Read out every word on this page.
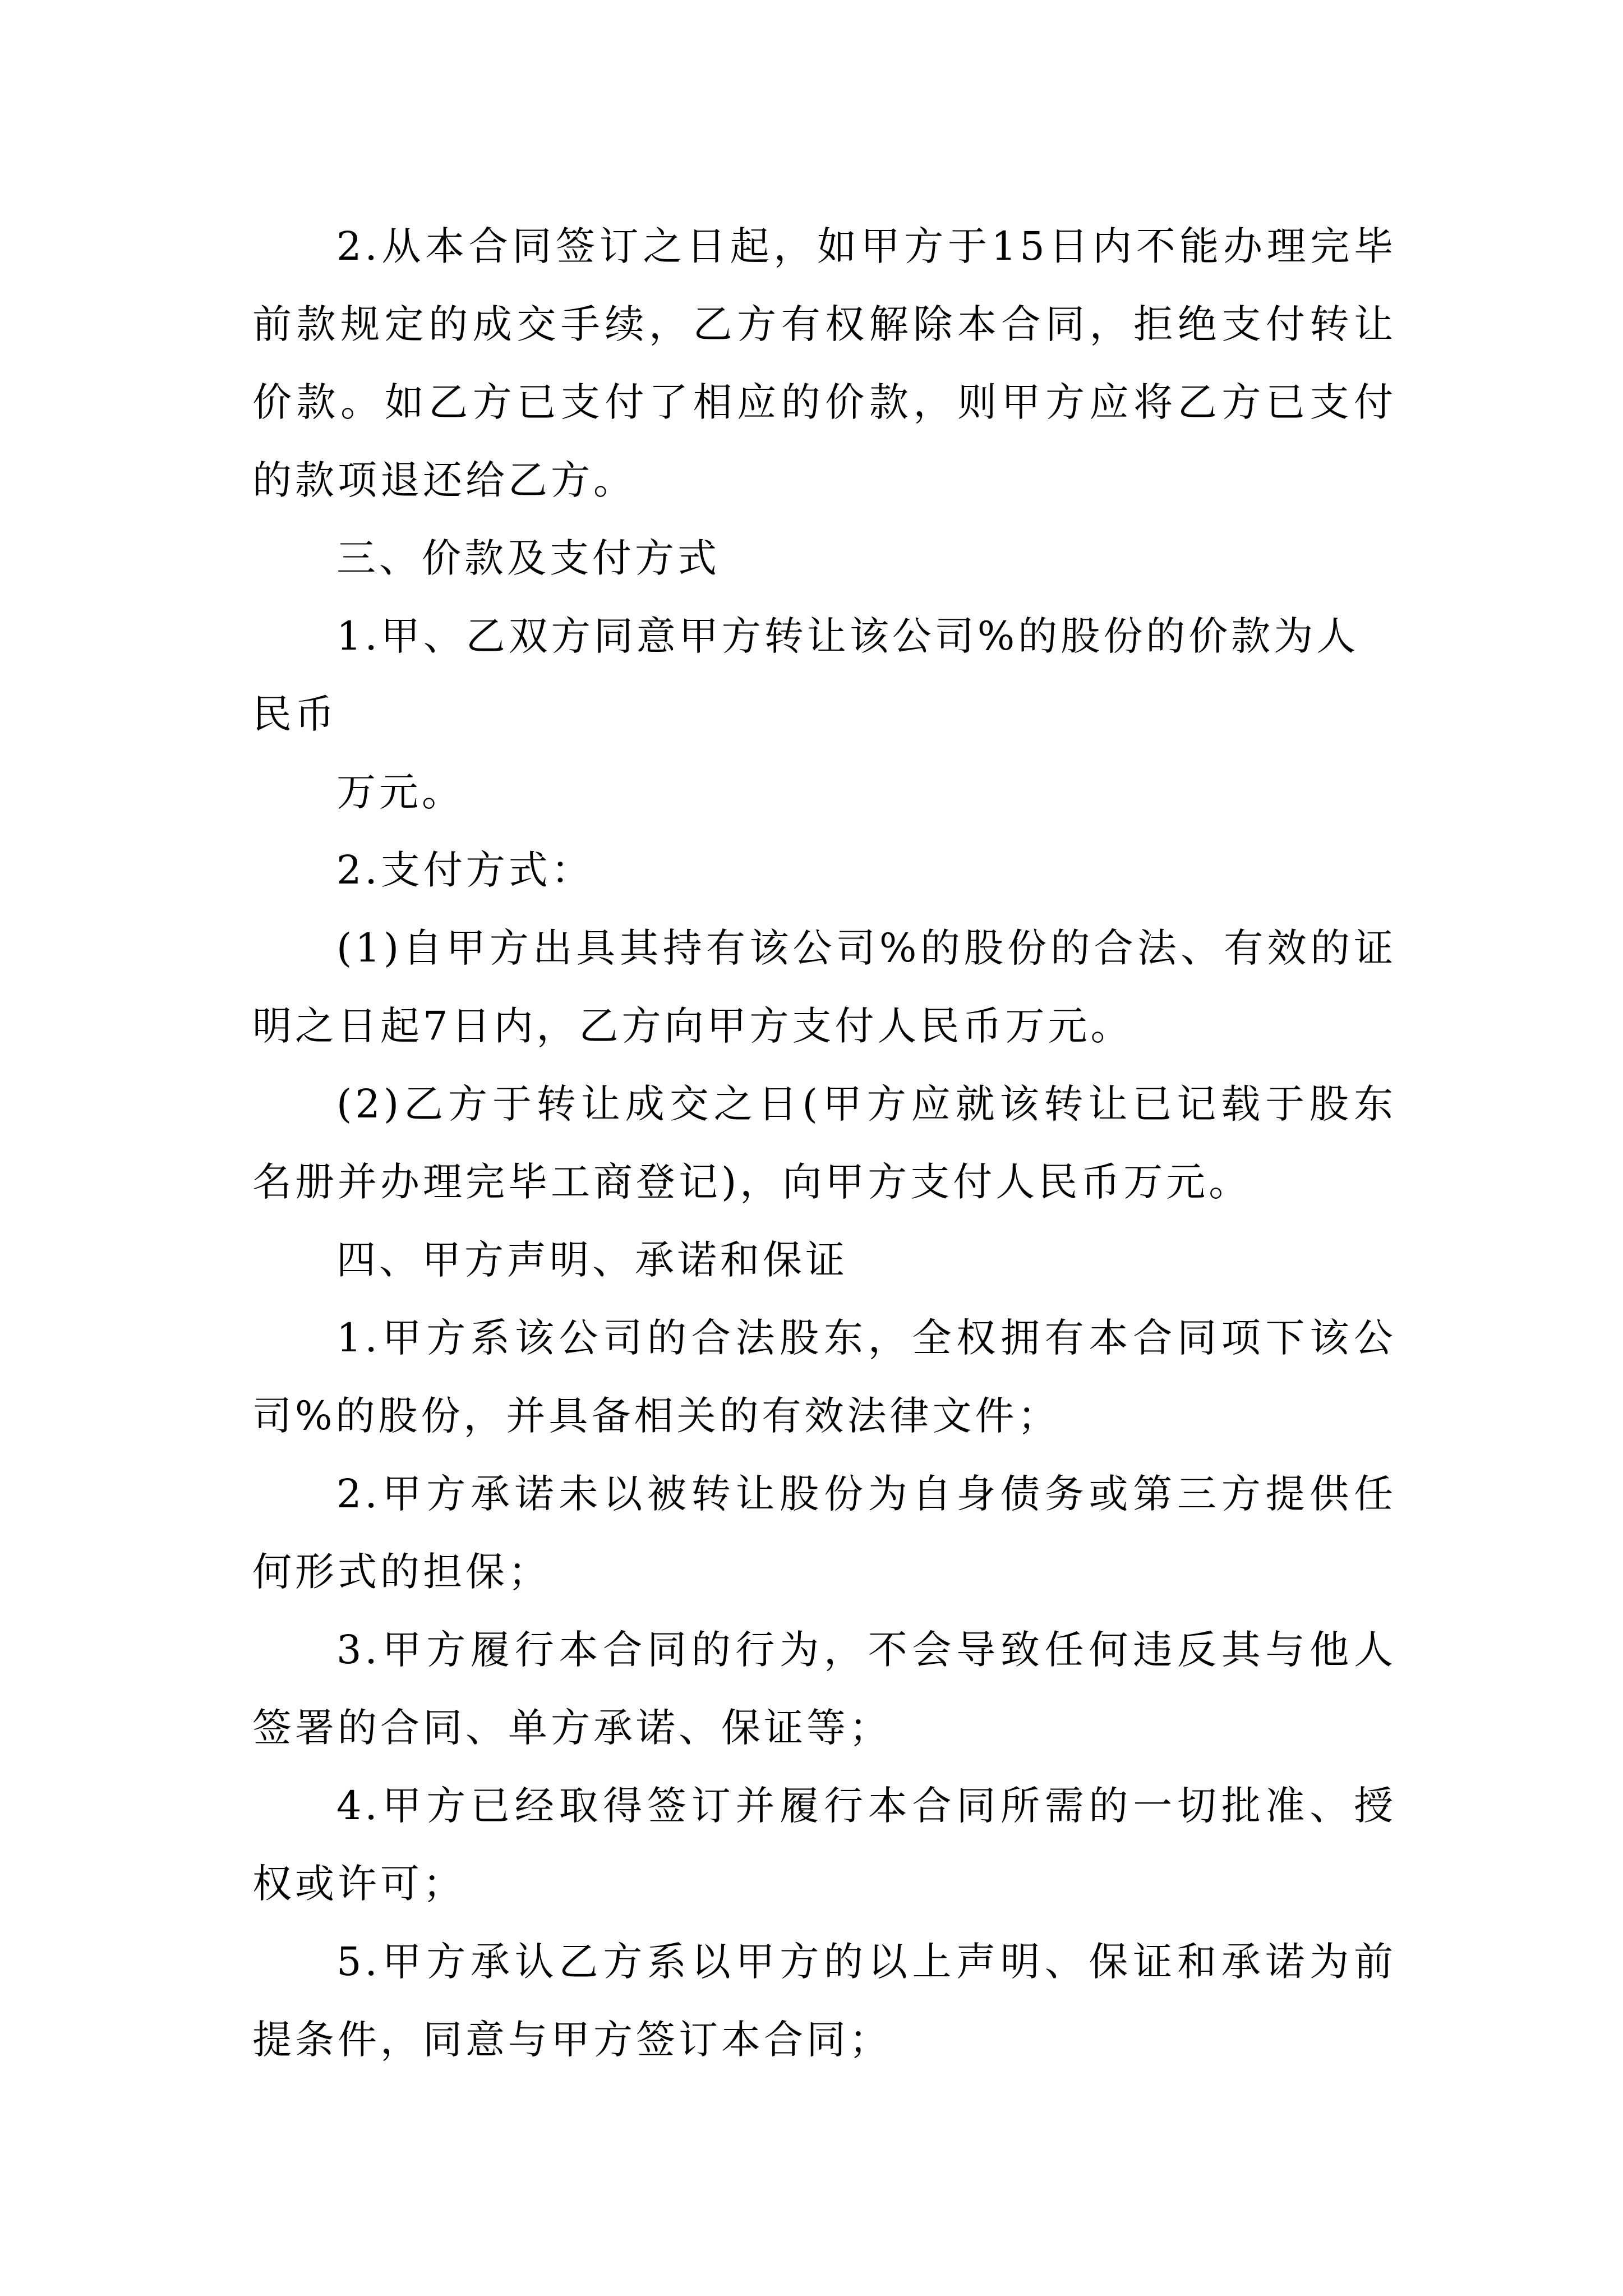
2.从本合同签订之日起，如甲方于15日内不能办理完毕前款规定的成交手续，乙方有权解除本合同，拒绝支付转让价款。如乙方已支付了相应的价款，则甲方应将乙方已支付的款项退还给乙方。

三、价款及支付方式

1.甲、乙双方同意甲方转让该公司%的股份的价款为人民币

万元。

2.支付方式：

(1)自甲方出具其持有该公司%的股份的合法、有效的证明之日起7日内，乙方向甲方支付人民币万元。

(2)乙方于转让成交之日(甲方应就该转让已记载于股东名册并办理完毕工商登记)，向甲方支付人民币万元。

四、甲方声明、承诺和保证

1.甲方系该公司的合法股东，全权拥有本合同项下该公司%的股份，并具备相关的有效法律文件；

2.甲方承诺未以被转让股份为自身债务或第三方提供任何形式的担保；

3.甲方履行本合同的行为，不会导致任何违反其与他人签署的合同、单方承诺、保证等；

4.甲方已经取得签订并履行本合同所需的一切批准、授权或许可；

5.甲方承认乙方系以甲方的以上声明、保证和承诺为前提条件，同意与甲方签订本合同；
